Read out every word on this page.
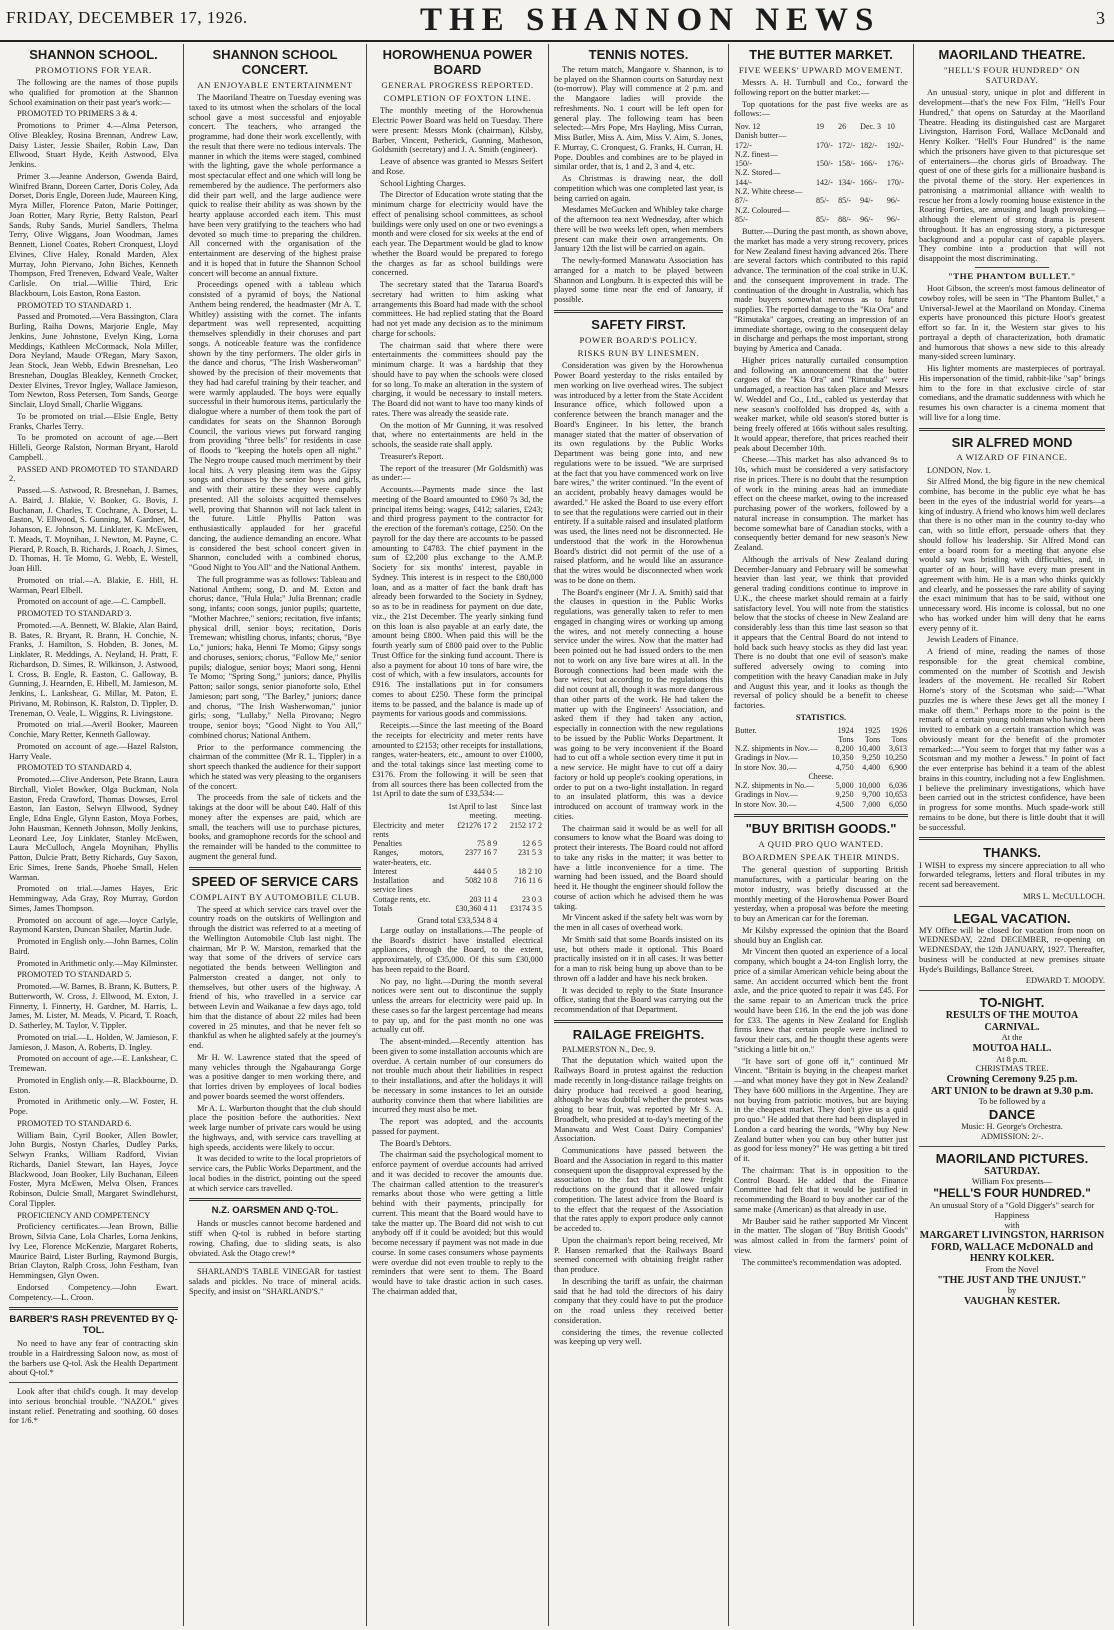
FRIDAY, DECEMBER 17, 1926.	THE SHANNON NEWS	3
SHANNON SCHOOL.
PROMOTIONS FOR YEAR.

The following are the names of those pupils who qualified for promotion at the Shannon School examination on their past year's work:—

PROMOTED TO PRIMERS 3 & 4.

Promotions to Primer 4.—Alma Peterson, Olive Bleakley, Rosina Brennan, Andrew Law, Daisy Lister, Jessie Shailer, Robin Law, Dan Ellwood, Stuart Hyde, Keith Astwood, Elva Jenkins.

Primer 3.—Jeanne Anderson, Gwenda Baird, Winifred Brann, Doreen Carter, Doris Coley, Ada Dorset, Doris Engle, Doreen Jude, Maureen King, Myra Miller, Florence Paton, Marie Pottinger, Joan Rotter, Mary Ryrie, Betty Ralston, Pearl Sands, Ruby Sands, Muriel Sandlers, Thelma Terry, Olive Wiggans, Joan Woodman, James Bennett, Lionel Coates, Robert Cronquest, Lloyd Elvines, Clive Haley, Ronald Marden, Alex Murray, John Piervano, John Biches, Kenneth Thompson, Fred Treneven, Edward Veale, Walter Carlisle. On trial.—Willie Third, Eric Blackbourn, Lois Easton, Rona Easton.

PROMOTED TO STANDARD 1.

Passed and Promoted.—Vera Bassington, Clara Burling, Raiha Downs, Marjorie Engle, May Jenkins, June Johnstone, Evelyn King, Lorna Meddings, Kathleen McCormack, Nola Miller, Dora Neyland, Maude O'Regan, Mary Saxon, Jean Stock, Jean Webb, Edwin Bresnehan, Leo Bresnehan, Douglas Bleakley, Kenneth Crocker, Dexter Elvines, Trevor Ingley, Wallace Jamieson, Tom Newton, Ross Petersen, Tom Sands, George Sinclair, Lloyd Small, Charlie Wiggans.

To be promoted on trial.—Elsie Engle, Betty Franks, Charles Terry.

To be promoted on account of age.—Bert Hilleli, George Ralston, Norman Bryant, Harold Campbell.

PASSED AND PROMOTED TO STANDARD 2.

Passed.—S. Astwood, R. Bresnehan, J. Barnes, A. Baird, J. Blakie, V. Booker, G. Bovis, J. Buchanan, J. Charles, T. Cochrane, A. Dorset, L. Easton, V. Ellwood, S. Gunning, M. Gardner, M. Johanson, E. Johnson, M. Linklater, K. McEwen, T. Meads, T. Moynihan, J. Newton, M. Payne, C. Pierard, P. Roach, B. Richards, J. Roach, J. Simes, D. Thomas, H. Te Momo, G. Webb, E. Westell, Joan Hill.

Promoted on trial.—A. Blakie, E. Hill, H. Warman, Pearl Elbell.

Promoted on account of age.—C. Campbell.

PROMOTED TO STANDARD 3.

Promoted.—A. Bennett, W. Blakie, Alan Baird, B. Bates, R. Bryant, R. Brann, H. Conchie, N. Franks, J. Hamilton, S. Hobden, B. Jones, M. Linklater, R. Meddings, A. Neyland, H. Pratt, F. Richardson, D. Simes, R. Wilkinson, J. Astwood, I. Cross, B. Engle, R. Easton, C. Galloway, B. Gunning, J. Hearnden, E. Hibell, M. Jamieson, M. Jenkins, L. Lankshear, G. Millar, M. Paton, E. Pirivano, M. Robinson, K. Ralston, D. Tippler, D. Treneman, O. Veale, L. Wiggins, R. Livingstone.

Promoted on trial.—Averil Booker, Maureen Conchie, Mary Retter, Kenneth Galloway.

Promoted on account of age.—Hazel Ralston, Harry Veale.

PROMOTED TO STANDARD 4.

Promoted.—Clive Anderson, Pete Brann, Laura Birchall, Violet Bowker, Olga Buckman, Nola Easton, Freda Crawford, Thomas Dowses, Errol Easton, Ian Easton, Selwyn Ellwood, Sydney Engle, Edna Engle, Glynn Easton, Moya Forbes, John Hausman, Kenneth Johnson, Molly Jenkins, Leonard Lee, Joy Linklater, Stanley McEwen, Laura McCulloch, Angela Moynihan, Phyllis Patton, Dulcie Pratt, Betty Richards, Guy Saxon, Eric Simes, Irene Sands, Phoebe Small, Helen Warman.

Promoted on trial.—James Hayes, Eric Hemmingway, Ada Gray, Roy Murray, Gordon Simes, James Thompson.

Promoted on account of age.—Joyce Carlyle, Raymond Karsten, Duncan Shailer, Martin Jude.

Promoted in English only.—John Barnes, Colin Baird.

Promoted in Arithmetic only.—May Kilminster.

PROMOTED TO STANDARD 5.

Promoted.—W. Barnes, B. Brann, K. Butters, P. Butterworth, W. Cross, J. Ellwood, M. Exton, J. Finnerty, I. Finnerty, H. Gardner, M. Harris, L. James, M. Lister, M. Meads, V. Picard, T. Roach, D. Satherley, M. Taylor, V. Tippler.

Promoted on trial.—L. Holden, W. Jamieson, F. Jamieson, J. Mason, A. Roberts, D. Ingley.

Promoted on account of age.—E. Lankshear, C. Tremewan.

Promoted in English only.—R. Blackbourne, D. Eston.

Promoted in Arithmetic only.—W. Foster, H. Pope.

PROMOTED TO STANDARD 6.

William Bain, Cyril Booker, Allen Bowler, John Burgis, Nostyn Charles, Dudley Parks, Selwyn Franks, William Radford, Vivian Richards, Daniel Stewart, Ian Hayes, Joyce Blackwood, Joan Booker, Lily Buchanan, Eileen Foster, Myra McEwen, Melva Olsen, Frances Robinson, Dulcie Small, Margaret Swindlehurst, Coral Tippler.

PROFICIENCY AND COMPETENCY

Proficiency certificates.—Jean Brown, Billie Brown, Silvia Cane, Lola Charles, Lorna Jenkins, Ivy Lee, Florence McKenzie, Margaret Roberts, Maurice Baird, Lister Burling, Raymond Burgis, Brian Clayton, Ralph Cross, John Festham, Ivan Hemmingsen, Glyn Owen.

Endorsed Competency.—John Ewart. Competency.—L. Croon.

BARBER'S RASH PREVENTED BY Q-TOL.

No need to have any fear of contracting skin trouble in a Hairdressing Saloon now, as most of the barbers use Q-tol. Ask the Health Department about Q-tol.*

Look after that child's cough. It may develop into serious bronchial trouble. "NAZOL" gives instant relief. Penetrating and soothing. 60 doses for 1/6.*

SHANNON SCHOOL CONCERT.
AN ENJOYABLE ENTERTAINMENT

The Maoriland Theatre on Tuesday evening was taxed to its utmost when the scholars of the local school gave a most successful and enjoyable concert. The teachers, who arranged the programme, had done their work excellently, with the result that there were no tedious intervals. The manner in which the items were staged, combined with the lighting, gave the whole performance a most spectacular effect and one which will long be remembered by the audience. The performers also did their part well, and the large audience were quick to realise their ability as was shown by the hearty applause accorded each item. This must have been very gratifying to the teachers who had devoted so much time to preparing the children. All concerned with the organisation of the entertainment are deserving of the highest praise and it is hoped that in future the Shannon School concert will become an annual fixture.

Proceedings opened with a tableau which consisted of a pyramid of boys, the National Anthem being rendered, the headmaster (Mr A. T. Whitley) assisting with the cornet. The infants department was well represented, acquitting themselves splendidly in their choruses and part songs. A noticeable feature was the confidence shown by the tiny performers. The older girls in the dance and chorus, "The Irish Washerwoman" showed by the precision of their movements that they had had careful training by their teacher, and were warmly applauded. The boys were equally successful in their humorous items, particularly the dialogue where a number of them took the part of candidates for seats on the Shannon Borough Council, the various views put forward ranging from providing "three bells" for residents in case of floods to "keeping the hotels open all night." The Negro troupe caused much merriment by their local hits. A very pleasing item was the Gipsy songs and choruses by the senior boys and girls, and with their attire these they were capably presented. All the soloists acquitted themselves well, proving that Shannon will not lack talent in the future. Little Phyllis Patton was enthusiastically applauded for her graceful dancing, the audience demanding an encore. What is considered the best school concert given in Shannon, concluded with a combined chorus, "Good Night to You All" and the National Anthem.

The full programme was as follows: Tableau and National Anthem; song, D. and M. Exton and chorus; dance, "Hula Hula;" Julia Brennan; cradle song, infants; coon songs, junior pupils; quartette, "Mother Machree," seniors; recitation, five infants; physical drill, senior boys; recitation, Doris Tremewan; whistling chorus, infants; chorus, "Bye Lo," juniors; haka, Henni Te Momo; Gipsy songs and choruses, seniors; chorus, "Follow Me," senior pupils; dialogue, senior boys; Maori song, Henni Te Momo; "Spring Song," juniors; dance, Phyllis Patton; sailor songs, senior pianoforte solo, Ethel Jamieson; part song, "The Barley," juniors; dance and chorus, "The Irish Washerwoman," junior girls; song, "Lullaby," Nella Pirovano; Negro troupe, senior boys; "Good Night to You All," combined chorus; National Anthem.

Prior to the performance commencing the chairman of the committee (Mr R. L. Tippler) in a short speech thanked the audience for their support which he stated was very pleasing to the organisers of the concert.

The proceeds from the sale of tickets and the takings at the door will be about £40. Half of this money after the expenses are paid, which are small, the teachers will use to purchase pictures, books, and gramophone records for the school and the remainder will be handed to the committee to augment the general fund.

SPEED OF SERVICE CARS
COMPLAINT BY AUTOMOBILE CLUB.

The speed at which service cars travel over the country roads on the outskirts of Wellington and through the district was referred to at a meeting of the Wellington Automobile Club last night. The chairman, Mr P. W. Marston, remarked that the way that some of the drivers of service cars negotiated the bends between Wellington and Palmerston created a danger, not only to themselves, but other users of the highway. A friend of his, who travelled in a service car between Levin and Waikanae a few days ago, told him that the distance of about 22 miles had been covered in 25 minutes, and that he never felt so thankful as when he alighted safely at the journey's end.

Mr H. W. Lawrence stated that the speed of many vehicles through the Ngahauranga Gorge was a positive danger to men working there, and that lorries driven by employees of local bodies and power boards seemed the worst offenders.

Mr A. L. Warburton thought that the club should place the position before the authorities. Next week large number of private cars would be using the highways, and, with service cars travelling at high speeds, accidents were likely to occur.

It was decided to write to the local proprietors of service cars, the Public Works Department, and the local bodies in the district, pointing out the speed at which service cars travelled.

N.Z. OARSMEN AND Q-TOL.

Hands or muscles cannot become hardened and stiff when Q-tol is rubbed in before starting rowing. Chafing, due to sliding seats, is also obviated. Ask the Otago crew!*

SHARLAND'S TABLE VINEGAR for tastiest salads and pickles. No trace of mineral acids. Specify, and insist on "SHARLAND'S."

HOROWHENUA POWER BOARD
GENERAL PROGRESS REPORTED.
COMPLETION OF FOXTON LINE.

The monthly meeting of the Horowhenua Electric Power Board was held on Tuesday. There were present: Messrs Monk (chairman), Kilsby, Barber, Vincent, Petherick, Gunning, Matheson, Goldsmith (secretary) and J. A. Smith (engineer).

Leave of absence was granted to Messrs Seifert and Rose.

School Lighting Charges.

The Director of Education wrote stating that the minimum charge for electricity would have the effect of penalising school committees, as school buildings were only used on one or two evenings a month and were closed for six weeks at the end of each year. The Department would be glad to know whether the Board would be prepared to forego the charges as far as school buildings were concerned.

The secretary stated that the Tararua Board's secretary had written to him asking what arrangements this Board had made with the school committees. He had replied stating that the Board had not yet made any decision as to the minimum charge for schools.

The chairman said that where there were entertainments the committees should pay the minimum charge. It was a hardship that they should have to pay when the schools were closed for so long. To make an alteration in the system of charging, it would be necessary to install meters. The Board did not want to have too many kinds of rates. There was already the seaside rate.

On the motion of Mr Gunning, it was resolved that, where no entertainments are held in the schools, the seaside rate shall apply.

Treasurer's Report.

The report of the treasurer (Mr Goldsmith) was as under:—

Accounts.—Payments made since the last meeting of the Board amounted to £960 7s 3d, the principal items being: wages, £412; salaries, £243; and third progress payment to the contractor for the erection of the foreman's cottage, £250. On the payroll for the day there are accounts to be passed amounting to £4783. The chief payment in the sum of £2,200 plus exchange to the A.M.P. Society for six months' interest, payable in Sydney. This interest is in respect to the £80,000 loan, and as a matter of fact the bank draft has already been forwarded to the Society in Sydney, so as to be in readiness for payment on due date, viz., the 21st December. The yearly sinking fund on this loan is also payable at an early date, the amount being £800. When paid this will be the fourth yearly sum of £800 paid over to the Public Trust Office for the sinking fund account. There is also a payment for about 10 tons of bare wire, the cost of which, with a few insulators, accounts for £916. The installations put in for consumers comes to about £250. These form the principal items to be passed, and the balance is made up of payments for various goods and commissions.

Receipts.—Since the last meeting of the Board the receipts for electricity and meter rents have amounted to £2153; other receipts for installations, ranges, water-heaters, etc., amount to over £1000, and the total takings since last meeting come to £3176. From the following it will be seen that from all sources there has been collected from the 1st April to date the sum of £33,534:—

	1st April to last meeting.	Since last meeting.
Electricity and meter rents	£21276 17 2	2152 17 2
Penalties	75 8 9	12 6 5
Ranges, motors, water-heaters, etc.	2377 16 7	231 5 3
Interest	444 0 5	18 2 10
Installation and service lines	5082 10 8	716 11 6
Cottage rents, etc.	203 11 4	23 0 3
Totals	£30,360 4 11	£3174 3 5
Grand total £33,534 8 4

Large outlay on installations.—The people of the Board's district have installed electrical appliances, through the Board, to the extent, approximately, of £35,000. Of this sum £30,000 has been repaid to the Board.

No pay, no light.—During the month several notices were sent out to discontinue the supply unless the arrears for electricity were paid up. In these cases so far the largest percentage had means to pay up, and for the past month no one was actually cut off.

The absent-minded.—Recently attention has been given to some installation accounts which are overdue. A certain number of our consumers do not trouble much about their liabilities in respect to their installations, and after the holidays it will be necessary in some instances to let an outside authority convince them that where liabilities are incurred they must also be met.

The report was adopted, and the accounts passed for payment.

The Board's Debtors.

The chairman said the psychological moment to enforce payment of overdue accounts had arrived and it was decided to recover the amounts due. The chairman called attention to the treasurer's remarks about those who were getting a little behind with their payments, principally for current. This meant that the Board would have to take the matter up. The Board did not wish to cut anybody off if it could be avoided; but this would become necessary if payment was not made in due course. In some cases consumers whose payments were overdue did not even trouble to reply to the reminders that were sent to them. The Board would have to take drastic action in such cases. The chairman added that,

TENNIS NOTES.

The return match, Mangaore v. Shannon, is to be played on the Shannon courts on Saturday next (to-morrow). Play will commence at 2 p.m. and the Mangaore ladies will provide the refreshments. No. 1 court will be left open for general play. The following team has been selected:—Mrs Pope, Mrs Hayling, Miss Curran, Miss Butler, Miss A. Aim, Miss V. Aim, S. Jones, F. Murray, C. Cronquest, G. Franks, H. Curran, H. Pope. Doubles and combines are to be played in similar order, that is, 1 and 2, 3 and 4, etc.

As Christmas is drawing near, the doll competition which was one completed last year, is being carried on again.

Mesdames McGucken and Whibley take charge of the afternoon tea next Wednesday, after which there will be two weeks left open, when members present can make their own arrangements. On January 12th the list will be carried on again.

The newly-formed Manawatu Association has arranged for a match to be played between Shannon and Longburn. It is expected this will be played some time near the end of January, if possible.

SAFETY FIRST.
POWER BOARD'S POLICY.
RISKS RUN BY LINESMEN.

Consideration was given by the Horowhenua Power Board yesterday to the risks entailed by men working on live overhead wires. The subject was introduced by a letter from the State Accident Insurance office, which followed upon a conference between the branch manager and the Board's Engineer. In his letter, the branch manager stated that the matter of observation of its own regulations by the Public Works Department was being gone into, and new regulations were to be issued. "We are surprised at the fact that you have commenced work on live bare wires," the writer continued. "In the event of an accident, probably heavy damages would be awarded." He asked the Board to use every effort to see that the regulations were carried out in their entirety. If a suitable raised and insulated platform was used, the lines need not be disconnected. He understood that the work in the Horowhenua Board's district did not permit of the use of a raised platform, and he would like an assurance that the wires would be disconnected when work was to be done on them.

The Board's engineer (Mr J. A. Smith) said that the clauses in question in the Public Works regulations, was generally taken to refer to men engaged in changing wires or working up among the wires, and not merely connecting a house service under the wires. Now that the matter had been pointed out he had issued orders to the men not to work on any live bare wires at all. In the Borough connections had been made with the bare wires; but according to the regulations this did not count at all, though it was more dangerous than other parts of the work. He had taken the matter up with the Engineers' Association, and asked them if they had taken any action, especially in connection with the new regulations to be issued by the Public Works Department. It was going to be very inconvenient if the Board had to cut off a whole section every time it put in a new service. He might have to cut off a dairy factory or hold up people's cooking operations, in order to put on a two-light installation. In regard to an insulated platform, this was a device introduced on account of tramway work in the cities.

The chairman said it would be as well for all consumers to know what the Board was doing to protect their interests. The Board could not afford to take any risks in the matter; it was better to have a little inconvenience for a time. The warning had been issued, and the Board should heed it. He thought the engineer should follow the course of action which he advised them he was taking.

Mr Vincent asked if the safety belt was worn by the men in all cases of overhead work.

Mr Smith said that some Boards insisted on its use, but others made it optional. This Board practically insisted on it in all cases. It was better for a man to risk being hung up above than to be thrown off a ladder and have his neck broken.

It was decided to reply to the State Insurance office, stating that the Board was carrying out the recommendation of that Department.

RAILAGE FREIGHTS.

PALMERSTON N., Dec. 9.

That the deputation which waited upon the Railways Board in protest against the reduction made recently in long-distance railage freights on dairy produce had received a good hearing, although he was doubtful whether the protest was going to bear fruit, was reported by Mr S. A. Broadbelt, who presided at to-day's meeting of the Manawatu and West Coast Dairy Companies' Association.

Communications have passed between the Board and the Association in regard to this matter consequent upon the disapproval expressed by the association to the fact that the new freight reductions on the ground that it allowed unfair competition. The latest advice from the Board is to the effect that the request of the Association that the rates apply to export produce only cannot be acceded to.

Upon the chairman's report being received, Mr P. Hansen remarked that the Railways Board seemed concerned with obtaining freight rather than produce.

In describing the tariff as unfair, the chairman said that he had told the directors of his dairy company that they could have to put the produce on the road unless they received better consideration.

considering the times, the revenue collected was keeping up very well.

THE BUTTER MARKET.
FIVE WEEKS' UPWARD MOVEMENT.

Messrs A. H. Turnbull and Co., forward the following report on the butter market:—

Top quotations for the past five weeks are as follows:—

Nov. 12	19	26	Dec. 3	10
Danish butter—				
172/-	170/-	172/-	182/-	192/-
N.Z. finest—				
150/-	150/-	158/-	166/-	176/-
N.Z. Stored—				
144/-	142/-	134/-	166/-	170/-
N.Z. White cheese—				
87/-	85/-	85/-	94/-	96/-
N.Z. Coloured—				
85/-	85/-	88/-	96/-	96/-

Butter.—During the past month, as shown above, the market has made a very strong recovery, prices for New Zealand finest having advanced 26s. There are several factors which contributed to this rapid advance. The termination of the coal strike in U.K. and the consequent improvement in trade. The continuation of the drought in Australia, which has made buyers somewhat nervous as to future supplies. The reported damage to the "Kia Ora" and "Rimutaka" cargoes, creating an impression of an immediate shortage, owing to the consequent delay in discharge and perhaps the most important, strong buying by America and Canada.

Higher prices naturally curtailed consumption and following an announcement that the butter cargoes of the "Kia Ora" and "Rimutaka" were undamaged, a reaction has taken place and Messrs W. Weddel and Co., Ltd., cabled us yesterday that new season's coolfolded has dropped 4s, with a weaker market, while old season's stored butter is being freely offered at 166s without sales resulting. It would appear, therefore, that prices reached their peak about December 10th.

Cheese.—This market has also advanced 9s to 10s, which must be considered a very satisfactory rise in prices. There is no doubt that the resumption of work in the mining areas had an immediate effect on the cheese market, owing to the increased purchasing power of the workers, followed by a natural increase in consumption. The market has become somewhat bare of Canadian stocks, with a consequently better demand for new season's New Zealand.

Although the arrivals of New Zealand during December-January and February will be somewhat heavier than last year, we think that provided general trading conditions continue to improve in U.K., the cheese market should remain at a fairly satisfactory level. You will note from the statistics below that the stocks of cheese in New Zealand are considerably less than this time last season so that it appears that the Central Board do not intend to hold back such heavy stocks as they did last year. There is no doubt that one evil of season's make suffered adversely owing to coming into competition with the heavy Canadian make in July and August this year, and it looks as though the reversal of policy should be a benefit to cheese factories.

STATISTICS.
Butter.	1924	1925	1926
	Tons	Tons	Tons
N.Z. shipments in Nov.—	8,200	10,400	3,613
Gradings in Nov.—	10,350	9,250	10,250
In store Nov. 30.—	4,750	4,400	6,900
Cheese.			
N.Z. shipments in No.—	5,000	10,000	6,036
Gradings in Nov.—	9,250	9,700	10,653
In store Nov. 30.—	4,500	7,000	6,050
"BUY BRITISH GOODS."
A QUID PRO QUO WANTED.
BOARDMEN SPEAK THEIR MINDS.

The general question of supporting British manufactures, with a particular bearing on the motor industry, was briefly discussed at the monthly meeting of the Horowhenua Power Board yesterday, when a proposal was before the meeting to buy an American car for the foreman.

Mr Kilsby expressed the opinion that the Board should buy an English car.

Mr Vincent then quoted an experience of a local company, which bought a 24-ton English lorry, the price of a similar American vehicle being about the same. An accident occurred which bent the front axle, and the price quoted to repair it was £45. For the same repair to an American truck the price would have been £16. In the end the job was done for £33. The agents in New Zealand for English firms knew that certain people were inclined to favour their cars, and he thought these agents were "sticking a little bit on."

"It have sort of gone off it," continued Mr Vincent. "Britain is buying in the cheapest market—and what money have they got in New Zealand? They have 600 millions in the Argentine. They are not buying from patriotic motives, but are buying in the cheapest market. They don't give us a quid pro quo." He added that there had been displayed in London a card bearing the words, "Why buy New Zealand butter when you can buy other butter just as good for less money?" He was getting a bit tired of it.

The chairman: That is in opposition to the Control Board. He added that the Finance Committee had felt that it would be justified in recommending the Board to buy another car of the same make (American) as that already in use.

Mr Bauber said he rather supported Mr Vincent in the matter. The slogan of "Buy British Goods" was almost called in from the farmers' point of view.

The committee's recommendation was adopted.

MAORILAND THEATRE.
"HELL'S FOUR HUNDRED" ON SATURDAY.

An unusual story, unique in plot and different in development—that's the new Fox Film, "Hell's Four Hundred," that opens on Saturday at the Maoriland Theatre. Heading its distinguished cast are Margaret Livingston, Harrison Ford, Wallace McDonald and Henry Kolker. "Hell's Four Hundred" is the name which the prisoners have given to that picturesque set of entertainers—the chorus girls of Broadway. The quest of one of these girls for a millionaire husband is the pivotal theme of the story. Her experiences in patronising a matrimonial alliance with wealth to rescue her from a lowly rooming house existence in the Roaring Forties, are amusing and laugh provoking—although the element of strong drama is present throughout. It has an engrossing story, a picturesque background and a popular cast of capable players. They combine into a production that will not disappoint the most discriminating.

"THE PHANTOM BULLET."

Hoot Gibson, the screen's most famous delineator of cowboy roles, will be seen in "The Phantom Bullet," a Universal-Jewel at the Maoriland on Monday. Cinema experts have pronounced this picture Hoot's greatest effort so far. In it, the Western star gives to his portrayal a depth of characterization, both dramatic and humorous that shows a new side to this already many-sided screen luminary.

His lighter moments are masterpieces of portrayal. His impersonation of the timid, rabbit-like "sap" brings him to the fore in that exclusive circle of star comedians, and the dramatic suddenness with which he resumes his own character is a cinema moment that will live for a long time.

SIR ALFRED MOND
A WIZARD OF FINANCE.

LONDON, Nov. 1.

Sir Alfred Mond, the big figure in the new chemical combine, has become in the public eye what he has been in the eyes of the industrial world for years—a king of industry. A friend who knows him well declares that there is no other man in the country to-day who can, with so little effort, persuade others that they should follow his leadership. Sir Alfred Mond can enter a board room for a meeting that anyone else would say was bristling with difficulties, and, in quarter of an hour, will have every man present in agreement with him. He is a man who thinks quickly and clearly, and he possesses the rare ability of saying the exact minimum that has to be said, without one unnecessary word. His income is colossal, but no one who has worked under him will deny that he earns every penny of it.

Jewish Leaders of Finance.

A friend of mine, reading the names of those responsible for the great chemical combine, commented on the number of Scottish and Jewish leaders of the movement. He recalled Sir Robert Horne's story of the Scotsman who said:—"What puzzles me is where these Jews get all the money I make off them." Perhaps more to the point is the remark of a certain young nobleman who having been invited to embark on a certain transaction which was obviously meant for the benefit of the promoter remarked:—"You seem to forget that my father was a Scotsman and my mother a Jewess." In point of fact the ever enterprise has behind it a team of the ablest brains in this country, including not a few Englishmen. I believe the preliminary investigations, which have been carried out in the strictest confidence, have been in progress for some months. Much spade-work still remains to be done, but there is little doubt that it will be successful.

THANKS.

I WISH to express my sincere appreciation to all who forwarded telegrams, letters and floral tributes in my recent sad bereavement.

MRS L. McCULLOCH.
LEGAL VACATION.

MY Office will be closed for vacation from noon on WEDNESDAY, 22nd DECEMBER, re-opening on WEDNESDAY, the 12th JANUARY, 1927. Thereafter, business will be conducted at new premises situate Hyde's Buildings, Ballance Street.

EDWARD T. MOODY.
TO-NIGHT.
RESULTS OF THE MOUTOA CARNIVAL.
At the
MOUTOA HALL.
At 8 p.m.
CHRISTMAS TREE.
Crowning Ceremony 9.25 p.m.
ART UNION to be drawn at 9.30 p.m.
To be followed by a
DANCE
Music: H. George's Orchestra.
ADMISSION: 2/-.
MAORILAND PICTURES.
SATURDAY.
William Fox presents—
"HELL'S FOUR HUNDRED."
An unusual Story of a "Gold Digger's" search for Happiness
with
MARGARET LIVINGSTON, HARRISON FORD, WALLACE McDONALD and HENRY KOLKER.
From the Novel
"THE JUST AND THE UNJUST."
by
VAUGHAN KESTER.
